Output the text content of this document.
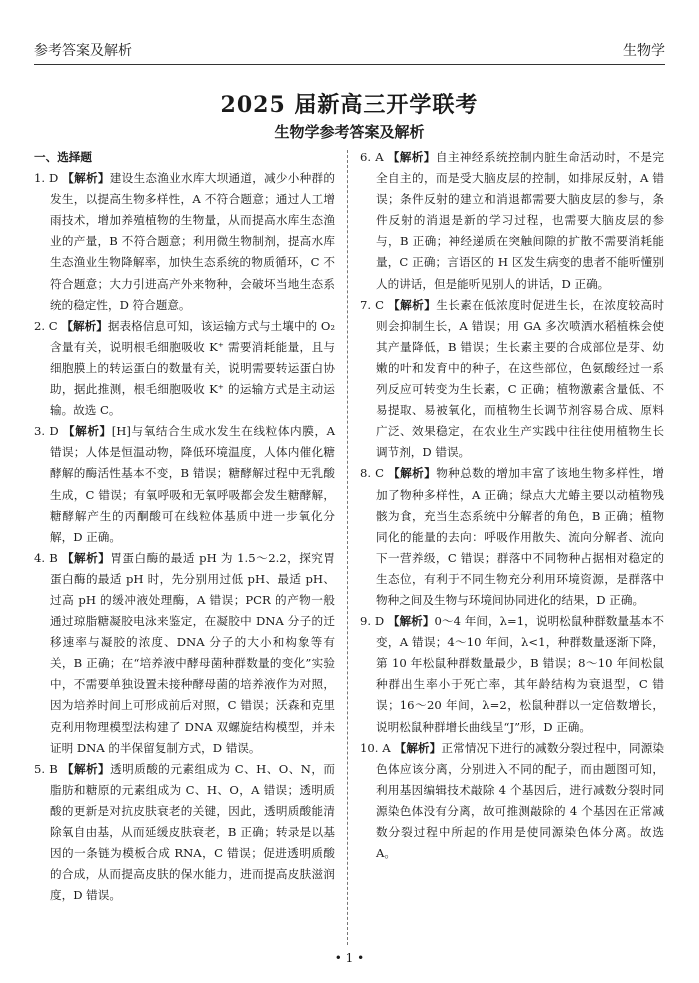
参考答案及解析	生物学
2025 届新高三开学联考
生物学参考答案及解析
一、选择题

1. D 【解析】建设生态渔业水库大坝通道，减少小种群的发生，以提高生物多样性，A 不符合题意；通过人工增雨技术，增加养殖植物的生物量，从而提高水库生态渔业的产量，B 不符合题意；利用微生物制剂，提高水库生态渔业生物降解率，加快生态系统的物质循环，C 不符合题意；大力引进高产外来物种，会破坏当地生态系统的稳定性，D 符合题意。

2. C 【解析】据表格信息可知，该运输方式与土壤中的 O₂ 含量有关，说明根毛细胞吸收 K⁺ 需要消耗能量，且与细胞膜上的转运蛋白的数量有关，说明需要转运蛋白协助，据此推测，根毛细胞吸收 K⁺ 的运输方式是主动运输。故选 C。

3. D 【解析】[H]与氧结合生成水发生在线粒体内膜，A 错误；人体是恒温动物，降低环境温度，人体内催化糖酵解的酶活性基本不变，B 错误；糖酵解过程中无乳酸生成，C 错误；有氧呼吸和无氧呼吸都会发生糖酵解，糖酵解产生的丙酮酸可在线粒体基质中进一步氧化分解，D 正确。

4. B 【解析】胃蛋白酶的最适 pH 为 1.5～2.2，探究胃蛋白酶的最适 pH 时，先分别用过低 pH、最适 pH、过高 pH 的缓冲液处理酶，A 错误；PCR 的产物一般通过琼脂糖凝胶电泳来鉴定，在凝胶中 DNA 分子的迁移速率与凝胶的浓度、DNA 分子的大小和构象等有关，B 正确；在“培养液中酵母菌种群数量的变化”实验中，不需要单独设置未接种酵母菌的培养液作为对照，因为培养时间上可形成前后对照，C 错误；沃森和克里克利用物理模型法构建了 DNA 双螺旋结构模型，并未证明 DNA 的半保留复制方式，D 错误。

5. B 【解析】透明质酸的元素组成为 C、H、O、N，而脂肪和糖原的元素组成为 C、H、O，A 错误；透明质酸的更新是对抗皮肤衰老的关键，因此，透明质酸能清除氧自由基，从而延缓皮肤衰老，B 正确；转录是以基因的一条链为模板合成 RNA，C 错误；促进透明质酸的合成，从而提高皮肤的保水能力，进而提高皮肤滋润度，D 错误。

6. A 【解析】自主神经系统控制内脏生命活动时，不是完全自主的，而是受大脑皮层的控制，如排尿反射，A 错误；条件反射的建立和消退都需要大脑皮层的参与，条件反射的消退是新的学习过程，也需要大脑皮层的参与，B 正确；神经递质在突触间隙的扩散不需要消耗能量，C 正确；言语区的 H 区发生病变的患者不能听懂别人的讲话，但是能听见别人的讲话，D 正确。

7. C 【解析】生长素在低浓度时促进生长，在浓度较高时则会抑制生长，A 错误；用 GA 多次喷洒水稻植株会使其产量降低，B 错误；生长素主要的合成部位是芽、幼嫩的叶和发育中的种子，在这些部位，色氨酸经过一系列反应可转变为生长素，C 正确；植物激素含量低、不易提取、易被氧化，而植物生长调节剂容易合成、原料广泛、效果稳定，在农业生产实践中往往使用植物生长调节剂，D 错误。

8. C 【解析】物种总数的增加丰富了该地生物多样性，增加了物种多样性，A 正确；绿点大尤蝽主要以动植物残骸为食，充当生态系统中分解者的角色，B 正确；植物同化的能量的去向：呼吸作用散失、流向分解者、流向下一营养级，C 错误；群落中不同物种占据相对稳定的生态位，有利于不同生物充分利用环境资源，是群落中物种之间及生物与环境间协同进化的结果，D 正确。

9. D 【解析】0～4 年间，λ=1，说明松鼠种群数量基本不变，A 错误；4～10 年间，λ<1，种群数量逐渐下降，第 10 年松鼠种群数量最少，B 错误；8～10 年间松鼠种群出生率小于死亡率，其年龄结构为衰退型，C 错误；16～20 年间，λ=2，松鼠种群以一定倍数增长，说明松鼠种群增长曲线呈“J”形，D 正确。

10. A 【解析】正常情况下进行的减数分裂过程中，同源染色体应该分离，分别进入不同的配子，而由题图可知，利用基因编辑技术敲除 4 个基因后，进行减数分裂时同源染色体没有分离，故可推测敲除的 4 个基因在正常减数分裂过程中所起的作用是使同源染色体分离。故选 A。

• 1 •
